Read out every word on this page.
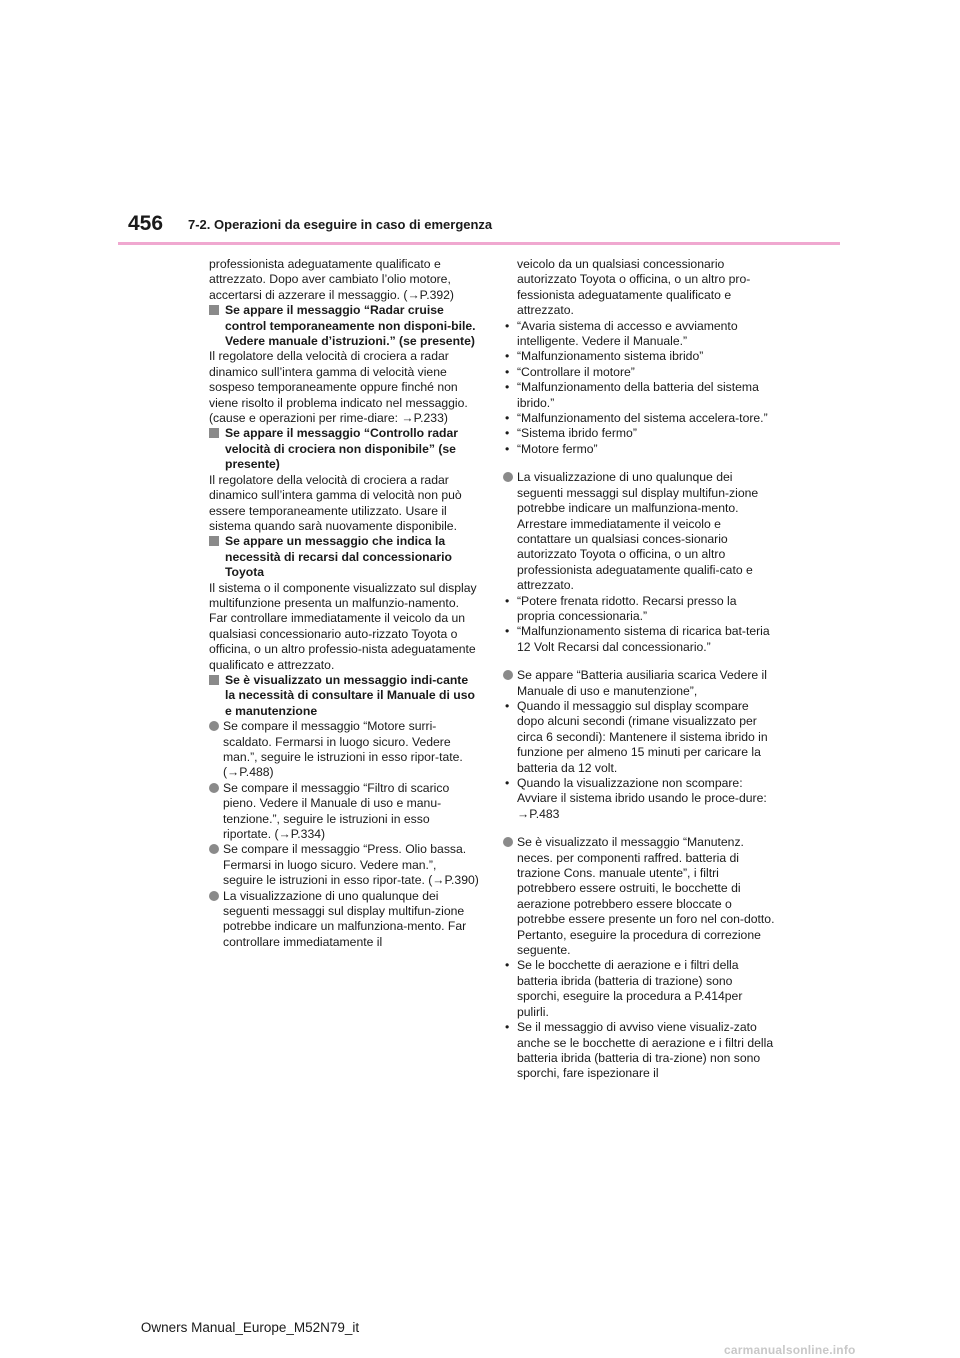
456 7-2. Operazioni da eseguire in caso di emergenza

professionista adeguatamente qualificato e attrezzato. Dopo aver cambiato l’olio motore, accertarsi di azzerare il messaggio. (→P.392)

Se appare il messaggio “Radar cruise control temporaneamente non disponi-bile. Vedere manuale d’istruzioni.” (se presente)

Il regolatore della velocità di crociera a radar dinamico sull’intera gamma di velocità viene sospeso temporaneamente oppure finché non viene risolto il problema indicato nel messaggio. (cause e operazioni per rime-diare: →P.233)

Se appare il messaggio “Controllo radar velocità di crociera non disponibile” (se presente)

Il regolatore della velocità di crociera a radar dinamico sull’intera gamma di velocità non può essere temporaneamente utilizzato. Usare il sistema quando sarà nuovamente disponibile.

Se appare un messaggio che indica la necessità di recarsi dal concessionario Toyota

Il sistema o il componente visualizzato sul display multifunzione presenta un malfunzio-namento. Far controllare immediatamente il veicolo da un qualsiasi concessionario auto-rizzato Toyota o officina, o un altro professio-nista adeguatamente qualificato e attrezzato.

Se è visualizzato un messaggio indi-cante la necessità di consultare il Manuale di uso e manutenzione

Se compare il messaggio “Motore surri-scaldato. Fermarsi in luogo sicuro. Vedere man.”, seguire le istruzioni in esso ripor-tate. (→P.488)

Se compare il messaggio “Filtro di scarico pieno. Vedere il Manuale di uso e manu-tenzione.”, seguire le istruzioni in esso riportate. (→P.334)

Se compare il messaggio “Press. Olio bassa. Fermarsi in luogo sicuro. Vedere man.”, seguire le istruzioni in esso ripor-tate. (→P.390)

La visualizzazione di uno qualunque dei seguenti messaggi sul display multifun-zione potrebbe indicare un malfunziona-mento. Far controllare immediatamente il

veicolo da un qualsiasi concessionario autorizzato Toyota o officina, o un altro pro-fessionista adeguatamente qualificato e attrezzato.

• “Avaria sistema di accesso e avviamento intelligente. Vedere il Manuale.”

• “Malfunzionamento sistema ibrido”

• “Controllare il motore”

• “Malfunzionamento della batteria del sistema ibrido.”

• “Malfunzionamento del sistema accelera-tore.”

• “Sistema ibrido fermo”

• “Motore fermo”

La visualizzazione di uno qualunque dei seguenti messaggi sul display multifun-zione potrebbe indicare un malfunziona-mento. Arrestare immediatamente il veicolo e contattare un qualsiasi conces-sionario autorizzato Toyota o officina, o un altro professionista adeguatamente qualifi-cato e attrezzato.

• “Potere frenata ridotto. Recarsi presso la propria concessionaria.”

• “Malfunzionamento sistema di ricarica bat-teria 12 Volt Recarsi dal concessionario.”

Se appare “Batteria ausiliaria scarica Vedere il Manuale di uso e manutenzione”,

• Quando il messaggio sul display scompare dopo alcuni secondi (rimane visualizzato per circa 6 secondi): Mantenere il sistema ibrido in funzione per almeno 15 minuti per caricare la batteria da 12 volt.

• Quando la visualizzazione non scompare: Avviare il sistema ibrido usando le proce-dure: →P.483

Se è visualizzato il messaggio “Manutenz. neces. per componenti raffred. batteria di trazione Cons. manuale utente”, i filtri potrebbero essere ostruiti, le bocchette di aerazione potrebbero essere bloccate o potrebbe essere presente un foro nel con-dotto. Pertanto, eseguire la procedura di correzione seguente.

• Se le bocchette di aerazione e i filtri della batteria ibrida (batteria di trazione) sono sporchi, eseguire la procedura a P.414per pulirli.

• Se il messaggio di avviso viene visualiz-zato anche se le bocchette di aerazione e i filtri della batteria ibrida (batteria di tra-zione) non sono sporchi, fare ispezionare il

Owners Manual_Europe_M52N79_it
carmanualsonline.info
